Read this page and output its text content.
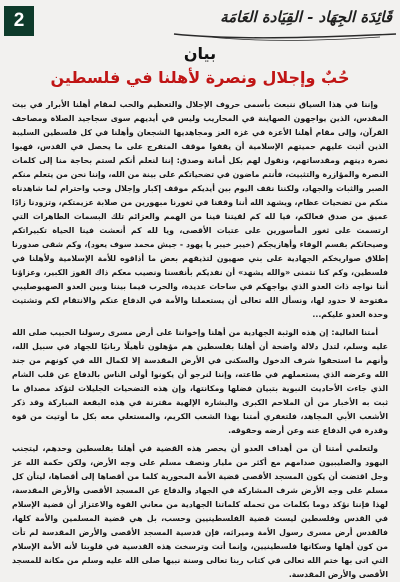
2	قَائِدَة الجِهَاد - القِيَادة العَامَة
بيان
حُبٌ وإجلال ونصرة لأهلنا في فلسطين

وإننا في هذا السياق ننبعث بأسمى حروف الإجلال والتعظيم والحب لمقام أهلنا الأبرار في بيت المقدس، الذين يواجهون الصهاينة في المحاريب وليس في أيديهم سوى سجاجيد الصلاة ومصاحف القرآن، وإلى مقام أهلنا الأعزة في غزة العز ومجاهديها الشجعان وأهلنا في كل فلسطين السليبة الذين أثبت عليهم حميتهم الإسلامية أن يقفوا موقف المتفرج على ما يحصل في القدس، فهبوا نصرة دينهم ومقدساتهم، ونقول لهم بكل أمانة وصدق: إننا لنعلم أنكم لستم بحاجة منا إلى كلمات النصرة والمؤازرة والتثبيت، فأنتم ماضون في تضحياتكم على بينة من الله، وإننا نحن من يتعلم منكم الصبر والثبات والجهاد، ولكننا نقف اليوم بين أيديكم موقف إكبار وإجلال وحب واحترام لما شاهدناه منكم من تضحيات عظام، ويشهد الله أننا وقفنا في ثغورنا مبهورين من صلابة عزيمتكم، وتزودنا زادًا عميق من صدق فعالكم، فيا لله كم لقيتنا فينا من الهمم والعزائم تلك البسمات الطاهرات التي ارتسمت على ثغور المأسورين على عتبات الأقصى، ويا لله كم أنعشت فينا الحياة تكبيراتكم وصيحاتكم بقسم الوفاء وأهازيجكم (خيبر خيبر يا يهود - جيش محمد سوف يعود)، وكم شقى صدورنا إطلاق صواريخكم الجهادية على بني صهيون لتذيقهم بعض ما أذاقوه للأمة الإسلامية ولأهلنا في فلسطين، وكم كنا نتمنى «والله يشهد» أن نفديكم بأنفسنا ونصيب معكم ذاك الفوز الكبير، وعزاؤنا أننا نواجه ذات العدو الذي يواجهكم في ساحات عديدة، والحرب فيما بيننا وبين العدو الصهيوصليبي مفتوحة لا حدود لها، ونسأل الله تعالى أن يستعملنا والأمة في الدفاع عنكم والانتقام لكم وتشتيت وحدة العدو عليكم...

أمتنا الغالية: إن هذه الوثبة الجهادية من أهلنا وإخواننا على أرض مسرى رسولنا الحبيب صلى الله عليه وسلم، لتدل دلالة واضحة أن أهلنا بفلسطين هم مؤهلون تأهيلًا ربانيًا للجهاد في سبيل الله، وأنهم ما استحقوا شرف الدخول والسكنى في الأرض المقدسة إلا لكمال الله في كونهم من جند الله وعرضه الذي يستعملهم في طاعته، وإننا لنرجو أن يكونوا أولى الناس بالدفاع عن قلب الشام الذي جاءت الأحاديث النبوية بتبيان فضلها ومكانتها، وإن هذه التضحيات الجليلات لتؤكد مصداق ما ثبت به الأخبار من أن الملاحم الكبرى والبشارة الإلهية مقترنة في هذه البقعة المباركة وقد ذكر الأشعب الأبي المجاهد، فلتغفري أمتنا بهذا الشعب الكريم، والمستعلي معه بكل ما أوتيت من قوة وقدرة في الدفاع عنه وعن أرضه وحقوقه.

ولتعلمي أمتنا أن من أهداف العدو أن يحصر هذه القضية في أهلنا بفلسطين وحدهم، ليتجنب اليهود والصليبيون صدامهم مع أكثر من مليار ونصف مسلم على وجه الأرض، ولكن حكمة الله عز وجل اقتضت أن يكون المسجد الأقصى قضية الأمة المحورية كلما من أقصاها إلى أقصاها، ليتأن كل مسلم على وجه الأرض شرف المشاركة في الجهاد والدفاع عن المسجد الأقصى والأرض المقدسة، لهذا فإننا نؤكد دوما بكلمات من تحمله كلماتنا الجهادية من معاني القوة والاعتزاز أن قضية الإسلام في القدس وفلسطين ليست قضية الفلسطينيين وحسب، بل هي قضية المسلمين والأمة كلها، فالقدس أرض مسرى رسول الأمة وميراثه، فإن قدسية المسجد الأقصى والأرض المقدسة لم تأت من كون أهلها وسكانها فلسطينيين، وإنما أتت وترسخت هذه القدسية في قلوبنا لأنه الأمة الإسلام التي اتى بها ختم الله تعالى في كتاب ربنا تعالى وسنة نبيها صلى الله عليه وسلم من مكانة للمسجد الأقصى والأرض المقدسة.
